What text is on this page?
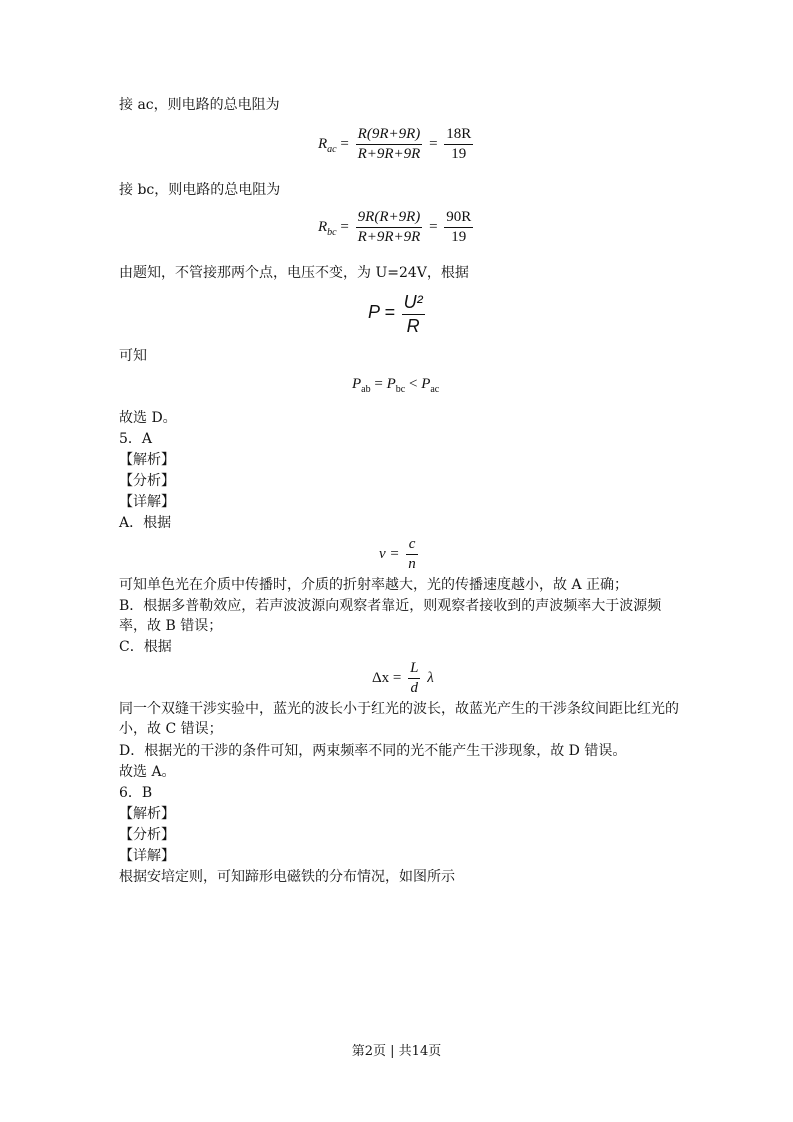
接 ac，则电路的总电阻为
$R_{ac} = \frac{R(9R+9R)}{R+9R+9R} = \frac{18R}{19}$
接 bc，则电路的总电阻为
$R_{bc} = \frac{9R(R+9R)}{R+9R+9R} = \frac{90R}{19}$
由题知，不管接那两个点，电压不变，为 U=24V，根据
$P = \frac{\text{U²}}{R}$
可知
$P_{ab} = P_{bc} < P_{ac}$
故选 D。
5．A
【解析】
【分析】
【详解】
A．根据
$v = \frac{c}{n}$
可知单色光在介质中传播时，介质的折射率越大，光的传播速度越小，故 A 正确；
B．根据多普勒效应，若声波波源向观察者靠近，则观察者接收到的声波频率大于波源频率，故 B 错误；
C．根据
$\Delta x = \frac{L}{d}$ λ
同一个双缝干涉实验中，蓝光的波长小于红光的波长，故蓝光产生的干涉条纹间距比红光的小，故 C 错误；
D．根据光的干涉的条件可知，两束频率不同的光不能产生干涉现象，故 D 错误。
故选 A。
6．B
【解析】
【分析】
【详解】
根据安培定则，可知蹄形电磁铁的分布情况，如图所示
第2页 | 共14页
